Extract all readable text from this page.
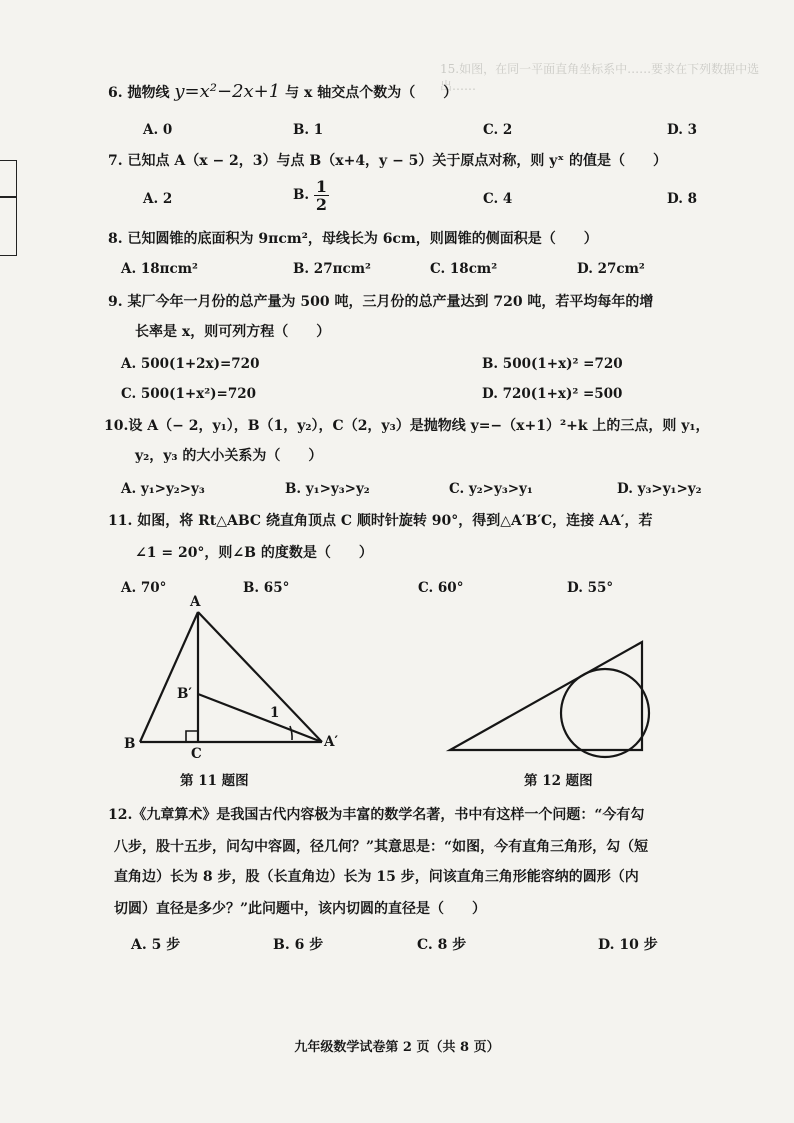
15.如图，在同一平面直角坐标系中……要求在下列数据中选出……
6. 抛物线 y=x²−2x+1 与 x 轴交点个数为（　　）
A. 0	B. 1	C. 2	D. 3
7. 已知点 A（x − 2，3）与点 B（x+4，y − 5）关于原点对称，则 yˣ 的值是（　　）
A. 2	B. $\frac{1}{2}$	C. 4	D. 8
8. 已知圆锥的底面积为 9πcm²，母线长为 6cm，则圆锥的侧面积是（　　）
A. 18πcm²	B. 27πcm²	C. 18cm²	D. 27cm²
9. 某厂今年一月份的总产量为 500 吨，三月份的总产量达到 720 吨，若平均每年的增
长率是 x，则可列方程（　　）
A. 500(1+2x)=720	B. 500(1+x)² =720
C. 500(1+x²)=720	D. 720(1+x)² =500
10.设 A（− 2，y₁），B（1，y₂），C（2，y₃）是抛物线 y=−（x+1）²+k 上的三点，则 y₁，
y₂，y₃ 的大小关系为（　　）
A. y₁>y₂>y₃	B. y₁>y₃>y₂	C. y₂>y₃>y₁	D. y₃>y₁>y₂
11. 如图，将 Rt△ABC 绕直角顶点 C 顺时针旋转 90°，得到△A′B′C，连接 AA′，若
∠1 = 20°，则∠B 的度数是（　　）
A. 70°	B. 65°	C. 60°	D. 55°
A
B
B′
C
A′
1
第 11 题图	第 12 题图
12.《九章算术》是我国古代内容极为丰富的数学名著，书中有这样一个问题：“今有勾
八步，股十五步，问勾中容圆，径几何？”其意思是：“如图，今有直角三角形，勾（短
直角边）长为 8 步，股（长直角边）长为 15 步，问该直角三角形能容纳的圆形（内
切圆）直径是多少？”此问题中，该内切圆的直径是（　　）
A. 5 步	B. 6 步	C. 8 步	D. 10 步
九年级数学试卷第 2 页（共 8 页）
